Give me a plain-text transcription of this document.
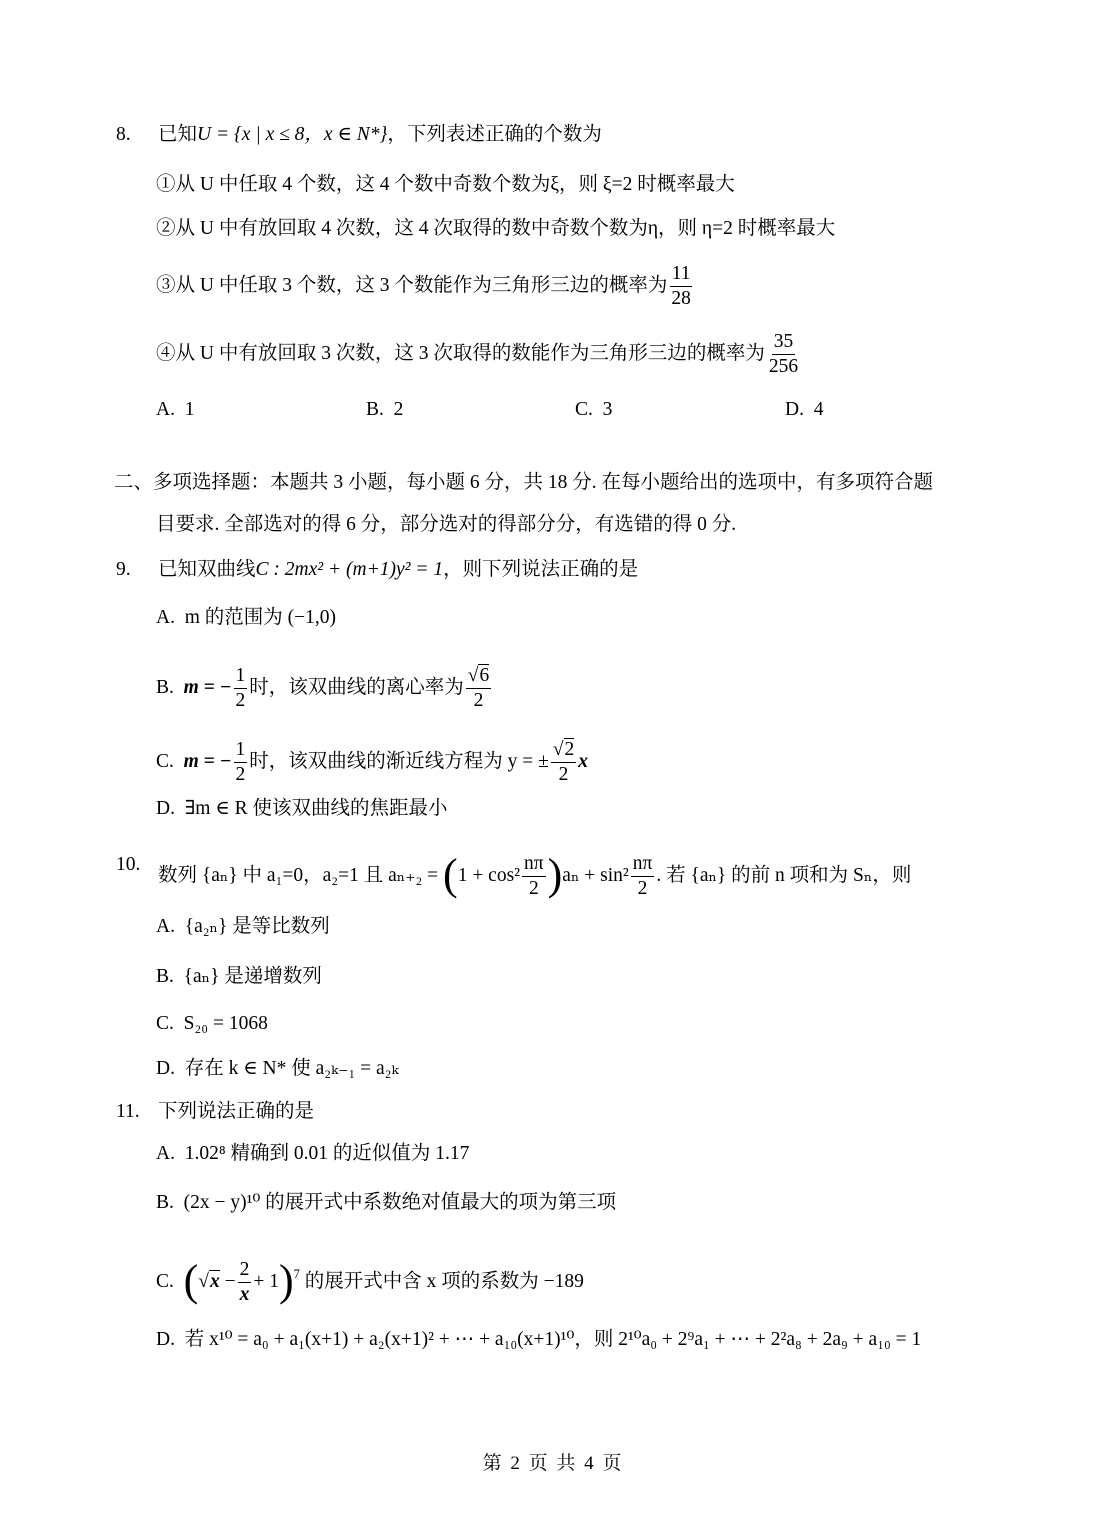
8. 已知U = {x | x ≤ 8，x ∈ N*}，下列表述正确的个数为
①从 U 中任取 4 个数，这 4 个数中奇数个数为ξ，则 ξ=2 时概率最大
②从 U 中有放回取 4 次数，这 4 次取得的数中奇数个数为η，则 η=2 时概率最大
③从 U 中任取 3 个数，这 3 个数能作为三角形三边的概率为 $\frac{11}{28}$
④从 U 中有放回取 3 次数，这 3 次取得的数能作为三角形三边的概率为 $\frac{35}{256}$
A. 1	B. 2	C. 3	D. 4
二、多项选择题：本题共 3 小题，每小题 6 分，共 18 分. 在每小题给出的选项中，有多项符合题
目要求. 全部选对的得 6 分，部分选对的得部分分，有选错的得 0 分.
9. 已知双曲线C : 2mx² + (m+1)y² = 1，则下列说法正确的是
A. m 的范围为 (−1,0)
B. m = − $\frac{1}{2}$ 时，该双曲线的离心率为 $\frac{√6}{2}$
C. m = − $\frac{1}{2}$ 时，该双曲线的渐近线方程为 y = ± $\frac{√2}{2}$ x
D. ∃m ∈ R 使该双曲线的焦距最小
10.
数列 {aₙ} 中 a₁=0，a₂=1 且 $a_{n+2} = (1 + \cos^2 \frac{n\pi}{2} )a_n + \sin^2 \frac{n\pi}{2}$ . 若 {aₙ} 的前 n 项和为 Sₙ，则
A. {a₂ₙ} 是等比数列
B. {aₙ} 是递增数列
C. S₂₀ = 1068
D. 存在 k ∈ N* 使 a₂ₖ₋₁ = a₂ₖ
11. 下列说法正确的是
A. 1.02⁸ 精确到 0.01 的近似值为 1.17
B. (2x − y)¹⁰ 的展开式中系数绝对值最大的项为第三项
C. $(√x - \frac{2}{x} + 1)^7$ 的展开式中含 x 项的系数为 −189
D. 若 x¹⁰ = a₀ + a₁(x+1) + a₂(x+1)² + ⋯ + a₁₀(x+1)¹⁰，则 2¹⁰a₀ + 2⁹a₁ + ⋯ + 2²a₈ + 2a₉ + a₁₀ = 1
第 2 页 共 4 页
